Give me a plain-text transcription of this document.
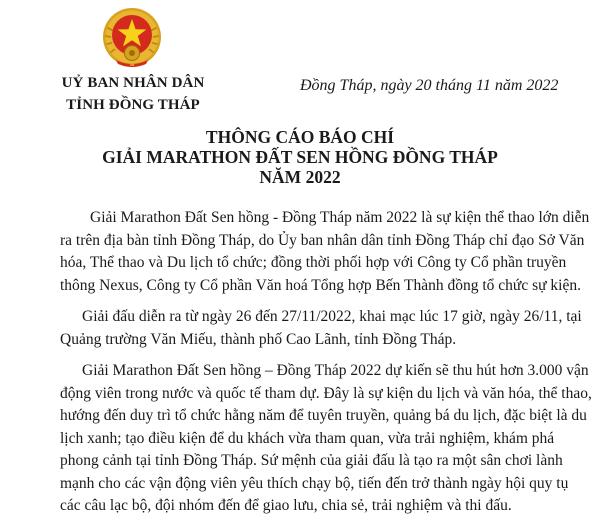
VN
UỶ BAN NHÂN DÂN
TỈNH ĐỒNG THÁP
Đồng Tháp, ngày 20 tháng 11 năm 2022
THÔNG CÁO BÁO CHÍ
GIẢI MARATHON ĐẤT SEN HỒNG ĐỒNG THÁP
NĂM 2022

Giải Marathon Đất Sen hồng - Đồng Tháp năm 2022 là sự kiện thể thao lớn diễn
ra trên địa bàn tỉnh Đồng Tháp, do Ủy ban nhân dân tỉnh Đồng Tháp chỉ đạo Sở Văn
hóa, Thể thao và Du lịch tổ chức; đồng thời phối hợp với Công ty Cổ phần truyền
thông Nexus, Công ty Cổ phần Văn hoá Tổng hợp Bến Thành đồng tổ chức sự kiện.

Giải đấu diễn ra từ ngày 26 đến 27/11/2022, khai mạc lúc 17 giờ, ngày 26/11, tại
Quảng trường Văn Miếu, thành phố Cao Lãnh, tỉnh Đồng Tháp.

Giải Marathon Đất Sen hồng – Đồng Tháp 2022 dự kiến sẽ thu hút hơn 3.000 vận
động viên trong nước và quốc tế tham dự. Đây là sự kiện du lịch và văn hóa, thể thao,
hướng đến duy trì tổ chức hằng năm để tuyên truyền, quảng bá du lịch, đặc biệt là du
lịch xanh; tạo điều kiện để du khách vừa tham quan, vừa trải nghiệm, khám phá
phong cảnh tại tỉnh Đồng Tháp. Sứ mệnh của giải đấu là tạo ra một sân chơi lành
mạnh cho các vận động viên yêu thích chạy bộ, tiến đến trở thành ngày hội quy tụ
các câu lạc bộ, đội nhóm đến để giao lưu, chia sẻ, trải nghiệm và thi đấu.
